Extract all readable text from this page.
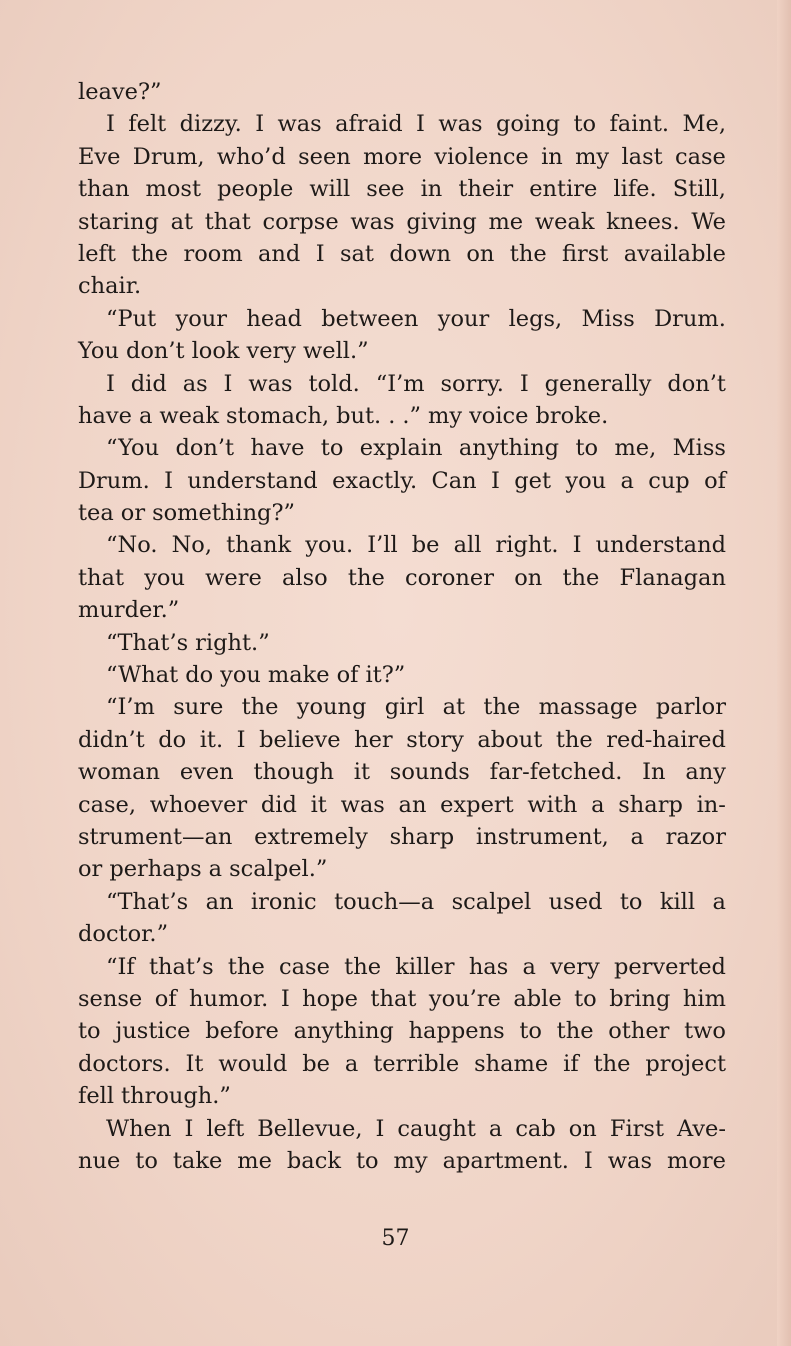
leave?”
I felt dizzy. I was afraid I was going to faint. Me,
Eve Drum, who’d seen more violence in my last case
than most people will see in their entire life. Still,
staring at that corpse was giving me weak knees. We
left the room and I sat down on the first available
chair.
“Put your head between your legs, Miss Drum.
You don’t look very well.”
I did as I was told. “I’m sorry. I generally don’t
have a weak stomach, but. . .” my voice broke.
“You don’t have to explain anything to me, Miss
Drum. I understand exactly. Can I get you a cup of
tea or something?”
“No. No, thank you. I’ll be all right. I understand
that you were also the coroner on the Flanagan
murder.”
“That’s right.”
“What do you make of it?”
“I’m sure the young girl at the massage parlor
didn’t do it. I believe her story about the red-haired
woman even though it sounds far-fetched. In any
case, whoever did it was an expert with a sharp in-
strument—an extremely sharp instrument, a razor
or perhaps a scalpel.”
“That’s an ironic touch—a scalpel used to kill a
doctor.”
“If that’s the case the killer has a very perverted
sense of humor. I hope that you’re able to bring him
to justice before anything happens to the other two
doctors. It would be a terrible shame if the project
fell through.”
When I left Bellevue, I caught a cab on First Ave-
nue to take me back to my apartment. I was more
57
